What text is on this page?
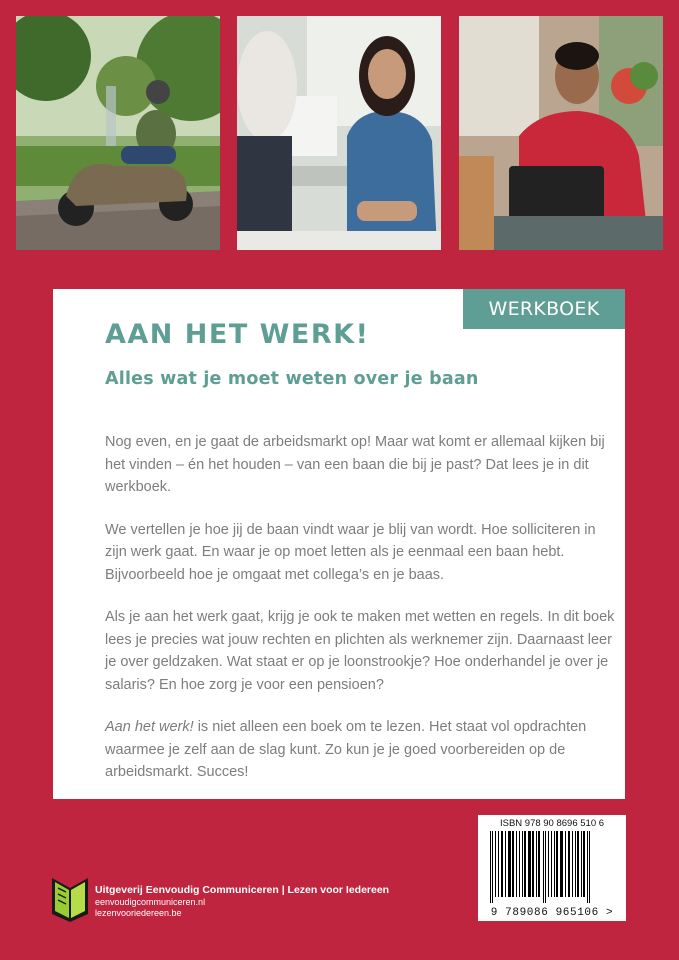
WERKBOEK
AAN HET WERK!
Alles wat je moet weten over je baan

Nog even, en je gaat de arbeidsmarkt op! Maar wat komt er allemaal kijken bij het vinden – én het houden – van een baan die bij je past? Dat lees je in dit werkboek.

We vertellen je hoe jij de baan vindt waar je blij van wordt. Hoe solliciteren in zijn werk gaat. En waar je op moet letten als je eenmaal een baan hebt. Bijvoorbeeld hoe je omgaat met collega’s en je baas.

Als je aan het werk gaat, krijg je ook te maken met wetten en regels. In dit boek lees je precies wat jouw rechten en plichten als werknemer zijn. Daarnaast leer je over geldzaken. Wat staat er op je loonstrookje? Hoe onderhandel je over je salaris? En hoe zorg je voor een pensioen?

Aan het werk! is niet alleen een boek om te lezen. Het staat vol opdrachten waarmee je zelf aan de slag kunt. Zo kun je je goed voorbereiden op de arbeidsmarkt. Succes!

ISBN 978 90 8696 510 6
9 789086 965106 >
Uitgeverij Eenvoudig Communiceren | Lezen voor Iedereen
eenvoudigcommuniceren.nl
lezenvooriedereen.be
